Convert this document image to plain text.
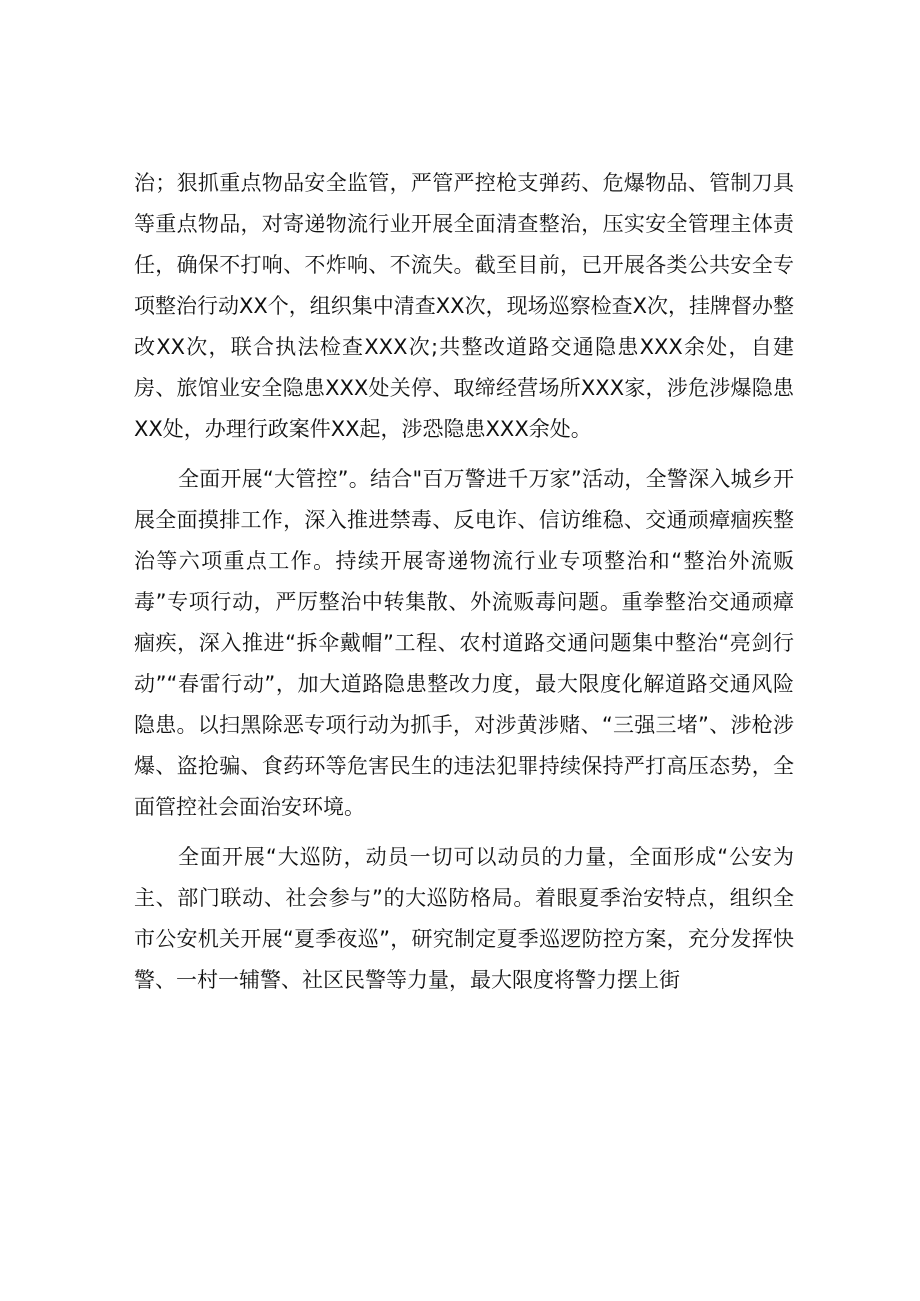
治；狠抓重点物品安全监管，严管严控枪支弹药、危爆物品、管制刀具等重点物品，对寄递物流行业开展全面清查整治，压实安全管理主体责任，确保不打响、不炸响、不流失。截至目前，已开展各类公共安全专项整治行动XX个，组织集中清查XX次，现场巡察检查X次，挂牌督办整改XX次，联合执法检查XXX次;共整改道路交通隐患XXX余处，自建房、旅馆业安全隐患XXX处关停、取缔经营场所XXX家，涉危涉爆隐患XX处，办理行政案件XX起，涉恐隐患XXX余处。

全面开展“大管控”。结合"百万警进千万家”活动，全警深入城乡开展全面摸排工作，深入推进禁毒、反电诈、信访维稳、交通顽瘴痼疾整治等六项重点工作。持续开展寄递物流行业专项整治和“整治外流贩毒”专项行动，严厉整治中转集散、外流贩毒问题。重拳整治交通顽瘴痼疾，深入推进“拆伞戴帽”工程、农村道路交通问题集中整治“亮剑行动”“春雷行动”，加大道路隐患整改力度，最大限度化解道路交通风险隐患。以扫黑除恶专项行动为抓手，对涉黄涉赌、“三强三堵”、涉枪涉爆、盗抢骗、食药环等危害民生的违法犯罪持续保持严打高压态势，全面管控社会面治安环境。

全面开展“大巡防，动员一切可以动员的力量，全面形成“公安为主、部门联动、社会参与”的大巡防格局。着眼夏季治安特点，组织全市公安机关开展“夏季夜巡”，研究制定夏季巡逻防控方案，充分发挥快警、一村一辅警、社区民警等力量，最大限度将警力摆上街
